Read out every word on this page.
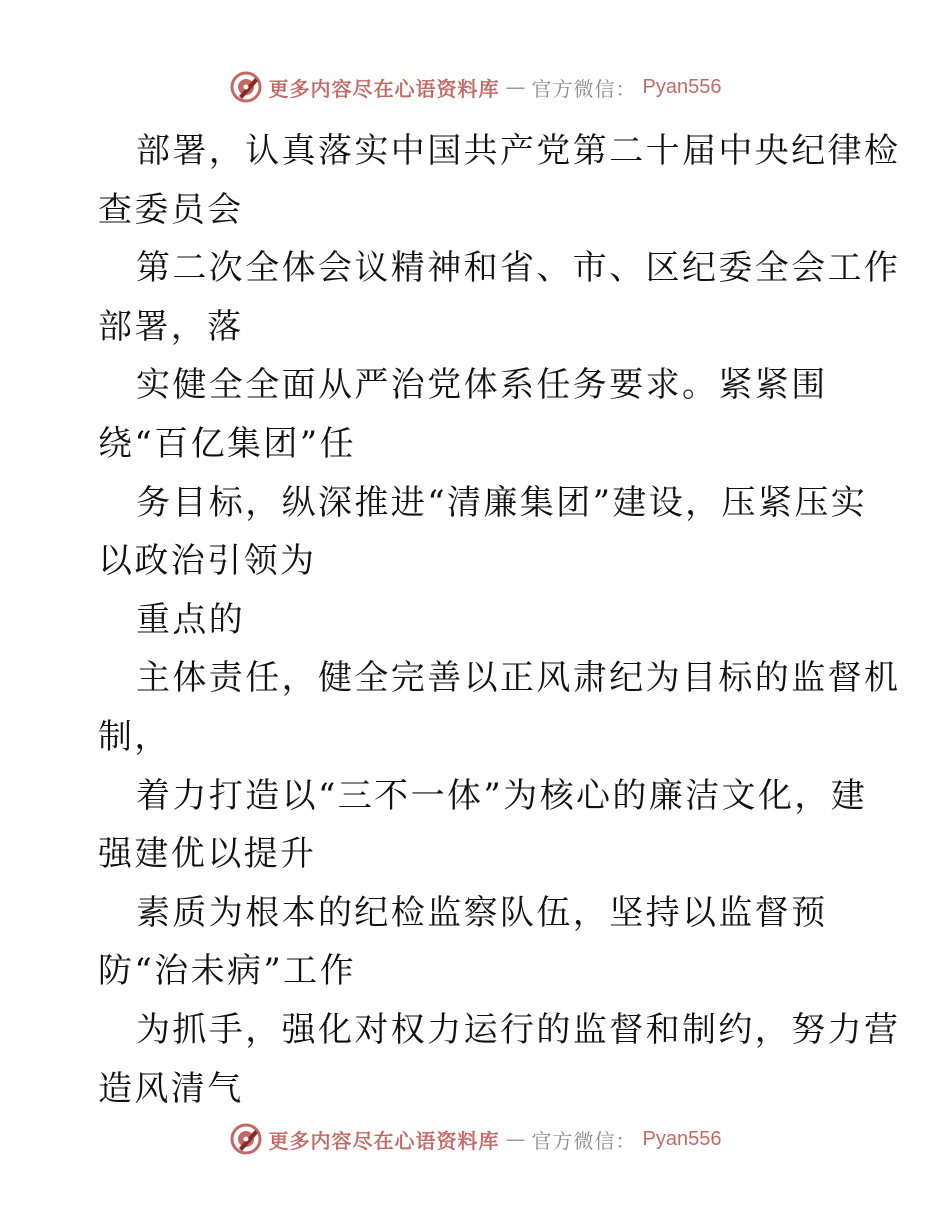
更多内容尽在心语资料库 — 官方微信： Pyan556
部署，认真落实中国共产党第二十届中央纪律检
查委员会
第二次全体会议精神和省、市、区纪委全会工作
部署，落
实健全全面从严治党体系任务要求。紧紧围
绕“百亿集团”任
务目标，纵深推进“清廉集团”建设，压紧压实
以政治引领为
重点的
主体责任，健全完善以正风肃纪为目标的监督机
制，
着力打造以“三不一体”为核心的廉洁文化，建
强建优以提升
素质为根本的纪检监察队伍，坚持以监督预
防“治未病”工作
为抓手，强化对权力运行的监督和制约，努力营
造风清气
更多内容尽在心语资料库 — 官方微信： Pyan556
